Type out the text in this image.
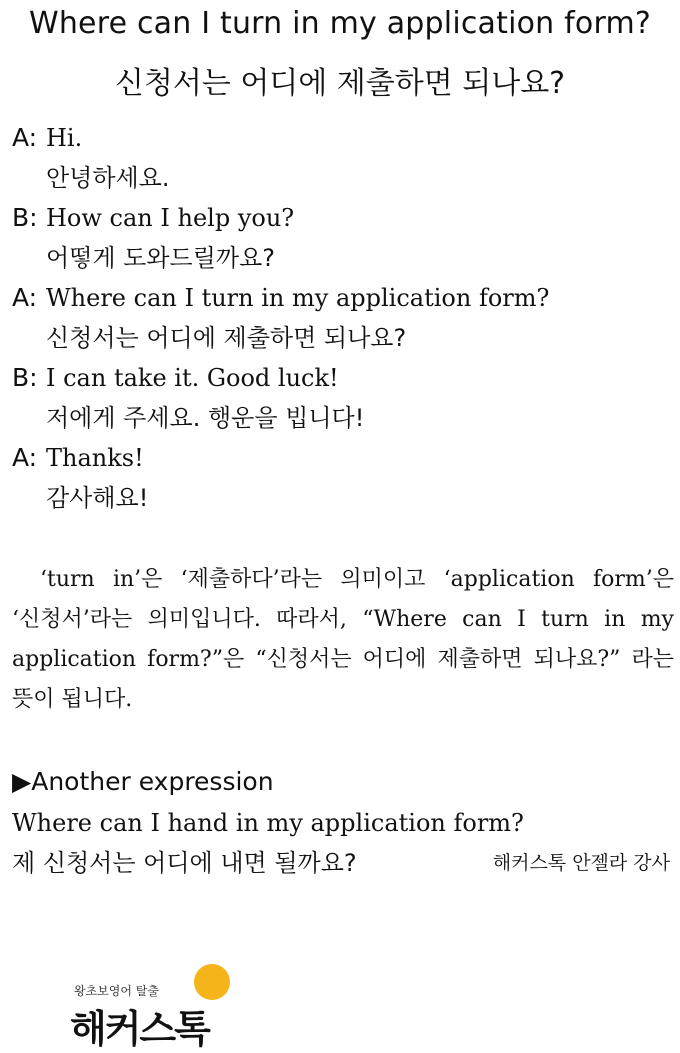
Where can I turn in my application form?
신청서는 어디에 제출하면 되나요?
A: Hi.
안녕하세요.
B: How can I help you?
어떻게 도와드릴까요?
A: Where can I turn in my application form?
신청서는 어디에 제출하면 되나요?
B: I can take it. Good luck!
저에게 주세요. 행운을 빕니다!
A: Thanks!
감사해요!
‘turn in’은 ‘제출하다’라는 의미이고 ‘application form’은 ‘신청서’라는 의미입니다. 따라서, “Where can I turn in my application form?”은 “신청서는 어디에 제출하면 되나요?” 라는 뜻이 됩니다.
▶Another expression
Where can I hand in my application form?
제 신청서는 어디에 내면 될까요?	해커스톡 안젤라 강사
왕초보영어 탈출
해커스톡
